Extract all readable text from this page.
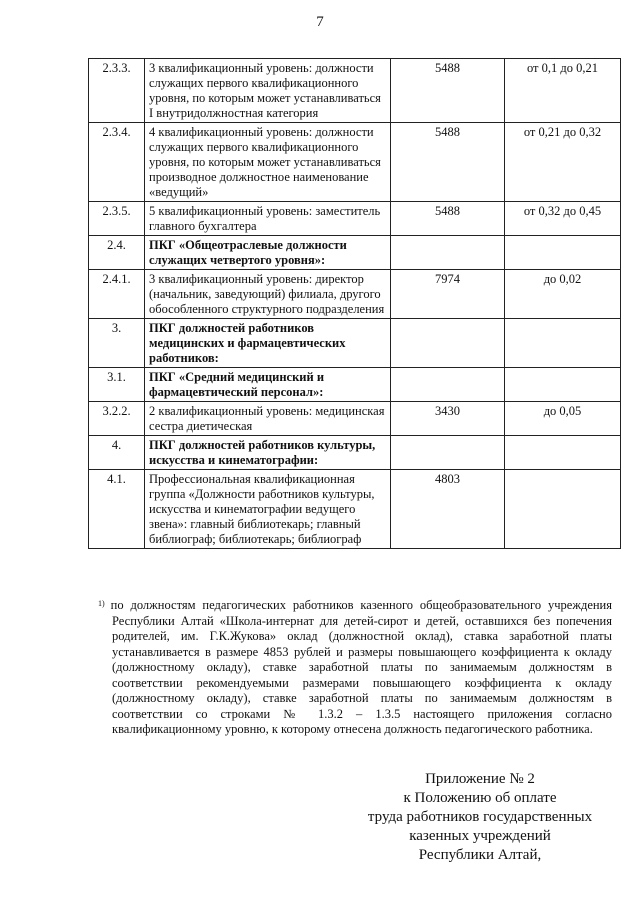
7
2.3.3.	3 квалификационный уровень: должности служащих первого квалификационного уровня, по которым может устанавливаться I внутридолжностная категория	5488	от 0,1 до 0,21
2.3.4.	4 квалификационный уровень: должности служащих первого квалификационного уровня, по которым может устанавливаться производное должностное наименование «ведущий»	5488	от 0,21 до 0,32
2.3.5.	5 квалификационный уровень: заместитель главного бухгалтера	5488	от 0,32 до 0,45
2.4.	ПКГ «Общеотраслевые должности служащих четвертого уровня»:		
2.4.1.	3 квалификационный уровень: директор (начальник, заведующий) филиала, другого обособленного структурного подразделения	7974	до 0,02
3.	ПКГ должностей работников медицинских и фармацевтических работников:		
3.1.	ПКГ «Средний медицинский и фармацевтический персонал»:		
3.2.2.	2 квалификационный уровень: медицинская сестра диетическая	3430	до 0,05
4.	ПКГ должностей работников культуры, искусства и кинематографии:		
4.1.	Профессиональная квалификационная группа «Должности работников культуры, искусства и кинематографии ведущего звена»: главный библиотекарь; главный библиограф; библиотекарь; библиограф	4803	
$^{1)}$ по должностям педагогических работников казенного общеобразовательного учреждения Республики Алтай «Школа-интернат для детей-сирот и детей, оставшихся без попечения родителей, им. Г.К.Жукова» оклад (должностной оклад), ставка заработной платы устанавливается в размере 4853 рублей и размеры повышающего коэффициента к окладу (должностному окладу), ставке заработной платы по занимаемым должностям в соответствии рекомендуемыми размерами повышающего коэффициента к окладу (должностному окладу), ставке заработной платы по занимаемым должностям в соответствии со строками № 1.3.2 – 1.3.5 настоящего приложения согласно квалификационному уровню, к которому отнесена должность педагогического работника.
Приложение № 2
к Положению об оплате
труда работников государственных
казенных учреждений
Республики Алтай,
